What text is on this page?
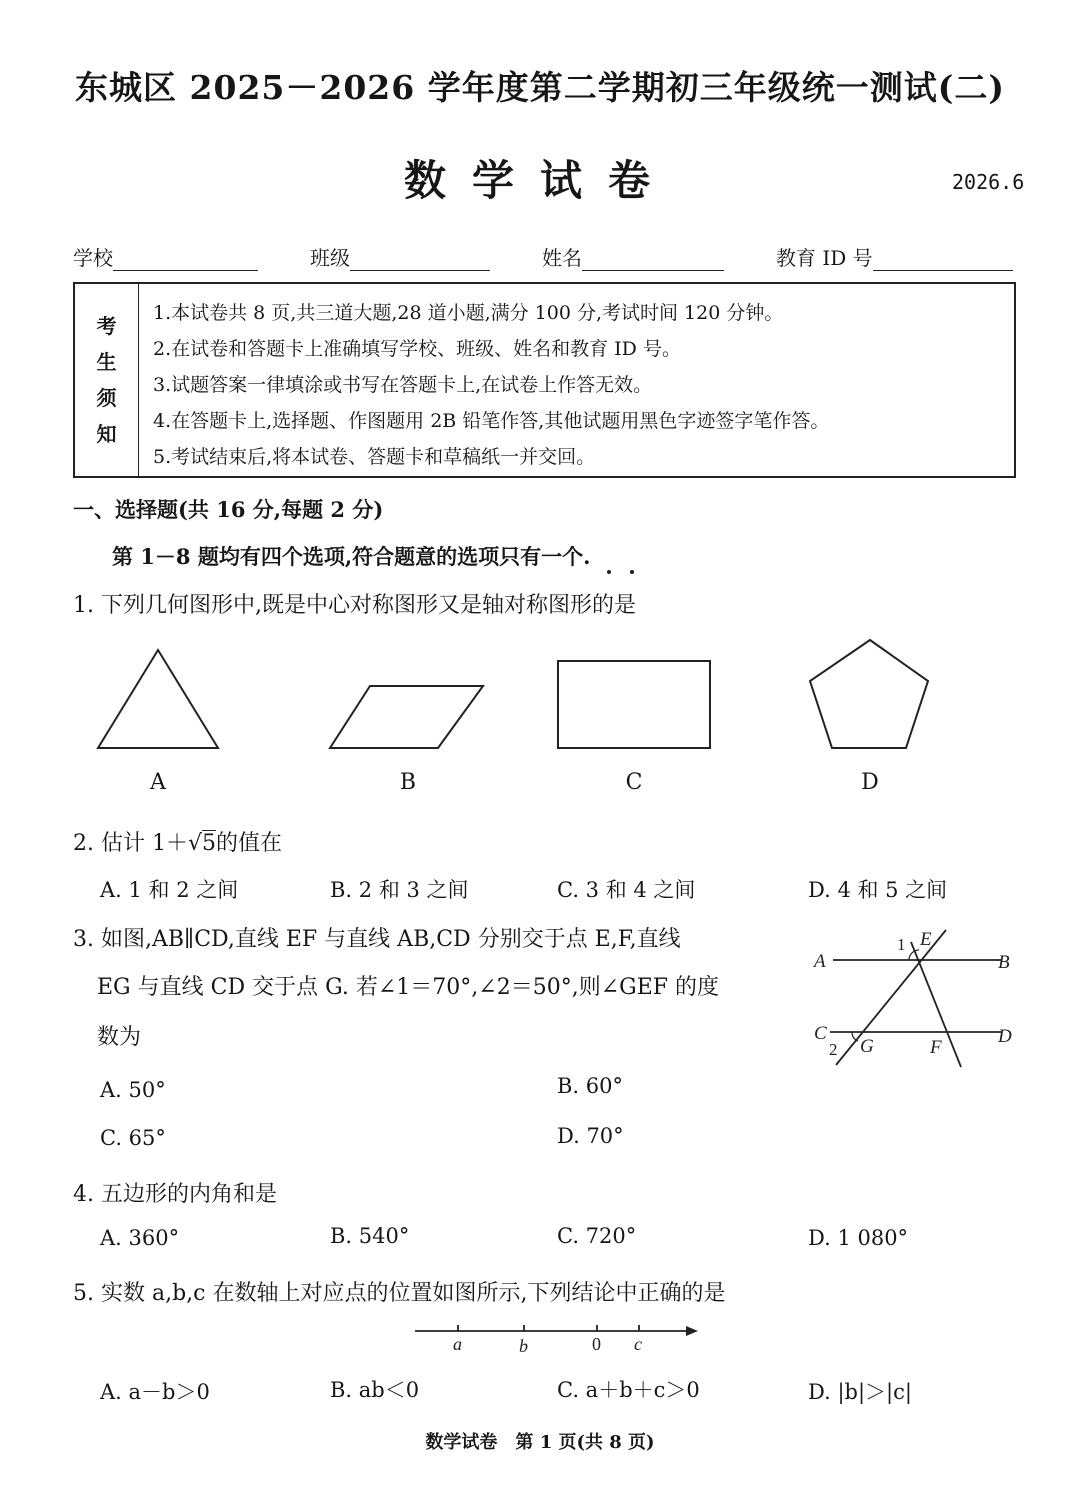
东城区 2025－2026 学年度第二学期初三年级统一测试(二)
数学试卷	2026.6
学校	班级	姓名	教育 ID 号
考
生
须
知
1.本试卷共 8 页,共三道大题,28 道小题,满分 100 分,考试时间 120 分钟。
2.在试卷和答题卡上准确填写学校、班级、姓名和教育 ID 号。
3.试题答案一律填涂或书写在答题卡上,在试卷上作答无效。
4.在答题卡上,选择题、作图题用 2B 铅笔作答,其他试题用黑色字迹签字笔作答。
5.考试结束后,将本试卷、答题卡和草稿纸一并交回。
一、选择题(共 16 分,每题 2 分)
第 1－8 题均有四个选项,符合题意的选项只有一个.
1. 下列几何图形中,既是中心对称图形又是轴对称图形的是
A	B	C	D
2. 估计 1＋√5的值在
A. 1 和 2 之间	B. 2 和 3 之间	C. 3 和 4 之间	D. 4 和 5 之间
3. 如图,AB∥CD,直线 EF 与直线 AB,CD 分别交于点 E,F,直线
EG 与直线 CD 交于点 G. 若∠1＝70°,∠2＝50°,则∠GEF 的度
数为
A	B
C	D
E
F
G
1
2
A. 50°	B. 60°
C. 65°	D. 70°
4. 五边形的内角和是
A. 360°	B. 540°	C. 720°	D. 1 080°
5. 实数 a,b,c 在数轴上对应点的位置如图所示,下列结论中正确的是
a	b	0 c
A. a－b＞0	B. ab＜0	C. a＋b＋c＞0	D. |b|＞|c|
数学试卷　第 1 页(共 8 页)
